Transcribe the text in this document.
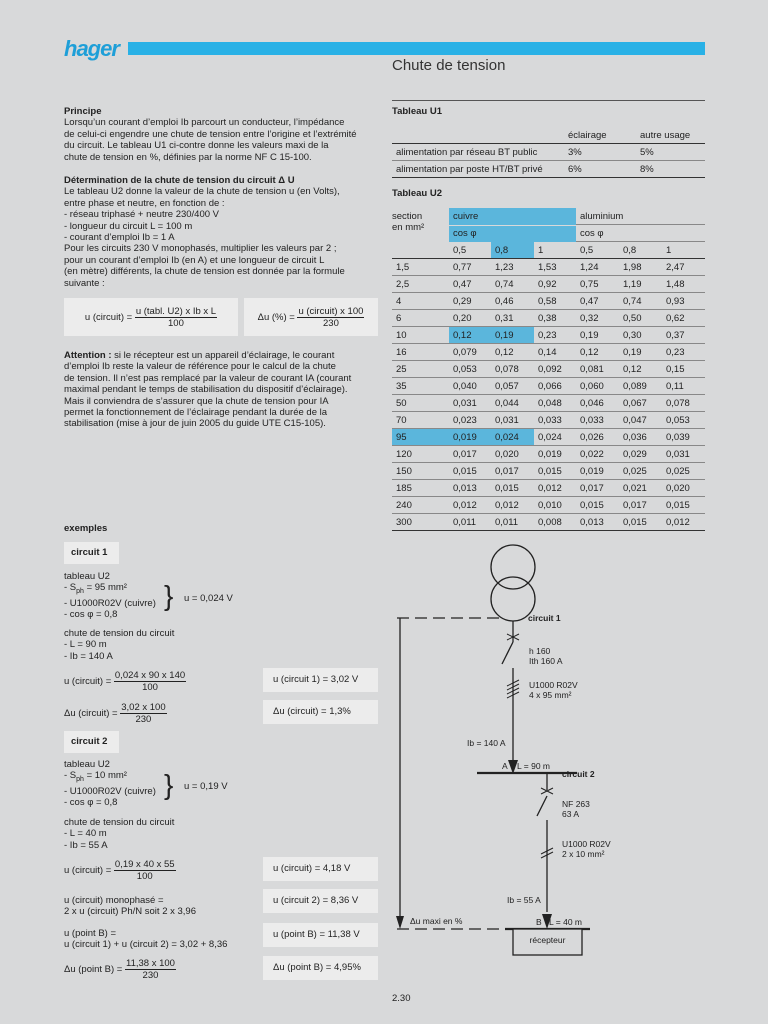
hager
Chute de tension
Principe
Lorsqu’un courant d’emploi Ib parcourt un conducteur, l’impédance
de celui-ci engendre une chute de tension entre l’origine et l’extrémité
du circuit. Le tableau U1 ci-contre donne les valeurs maxi de la
chute de tension en %, définies par la norme NF C 15-100.
Détermination de la chute de tension du circuit Δ U
Le tableau U2 donne la valeur de la chute de tension u (en Volts),
entre phase et neutre, en fonction de :
- réseau triphasé + neutre 230/400 V
- longueur du circuit L = 100 m
- courant d’emploi Ib = 1 A
Pour les circuits 230 V monophasés, multiplier les valeurs par 2 ;
pour un courant d’emploi Ib (en A) et une longueur de circuit L
(en mètre) différents, la chute de tension est donnée par la formule
suivante :
u (circuit) =
$\frac{\text{u (tabl. U2) x Ib x L}}{100}$	Δu (%) =
$\frac{\text{u (circuit) x 100}}{230}$
Attention : si le récepteur est un appareil d’éclairage, le courant
d’emploi Ib reste la valeur de référence pour le calcul de la chute
de tension. Il n’est pas remplacé par la valeur de courant IA (courant
maximal pendant le temps de stabilisation du dispositif d’éclairage).
Mais il conviendra de s’assurer que la chute de tension pour IA
permet la fonctionnement de l’éclairage pendant la durée de la
stabilisation (mise à jour de juin 2005 du guide UTE C15-105).
Tableau U1
	éclairage	autre usage
alimentation par réseau BT public	3%	5%
alimentation par poste HT/BT privé	6%	8%
Tableau U2
section
en mm²
cuivre	aluminium
cos φ	cos φ
	0,5	0,8	1	0,5	0,8	1
1,5	0,77	1,23	1,53	1,24	1,98	2,47
2,5	0,47	0,74	0,92	0,75	1,19	1,48
4	0,29	0,46	0,58	0,47	0,74	0,93
6	0,20	0,31	0,38	0,32	0,50	0,62
10	0,12	0,19	0,23	0,19	0,30	0,37
16	0,079	0,12	0,14	0,12	0,19	0,23
25	0,053	0,078	0,092	0,081	0,12	0,15
35	0,040	0,057	0,066	0,060	0,089	0,11
50	0,031	0,044	0,048	0,046	0,067	0,078
70	0,023	0,031	0,033	0,033	0,047	0,053
95	0,019	0,024	0,024	0,026	0,036	0,039
120	0,017	0,020	0,019	0,022	0,029	0,031
150	0,015	0,017	0,015	0,019	0,025	0,025
185	0,013	0,015	0,012	0,017	0,021	0,020
240	0,012	0,012	0,010	0,015	0,017	0,015
300	0,011	0,011	0,008	0,013	0,015	0,012
exemples
circuit 1
tableau U2
- $S_{ph} = 95$ mm²
- U1000R02V (cuivre)
- cos φ = 0,8
} u = 0,024 V
chute de tension du circuit
- L = 90 m
- Ib = 140 A
u (circuit) =
$\frac{0,024 x 90 x 140}{100}$
Δu (circuit) =
$\frac{3,02 x 100}{230}$
u (circuit 1) = 3,02 V
Δu (circuit) = 1,3%
circuit 2
tableau U2
- $S_{ph} = 10$ mm²
- U1000R02V (cuivre)
- cos φ = 0,8
} u = 0,19 V
chute de tension du circuit
- L = 40 m
- Ib = 55 A
u (circuit) =
$\frac{0,19 x 40 x 55}{100}$
u (circuit) monophasé =
2 x u (circuit) Ph/N soit 2 x 3,96
u (point B) =
u (circuit 1) + u (circuit 2) = 3,02 + 8,36
Δu (point B) =
$\frac{11,38 x 100}{230}$
u (circuit) = 4,18 V
u (circuit 2) = 8,36 V
u (point B) = 11,38 V
Δu (point B) = 4,95%
circuit 1
h 160
Ith 160 A
U1000 R02V
4 x 95 mm²
Ib = 140 A
A L = 90 m
circuit 2
NF 263
63 A
U1000 R02V
2 x 10 mm²
Ib = 55 A
Δu maxi en %	B L = 40 m
récepteur
2.30
